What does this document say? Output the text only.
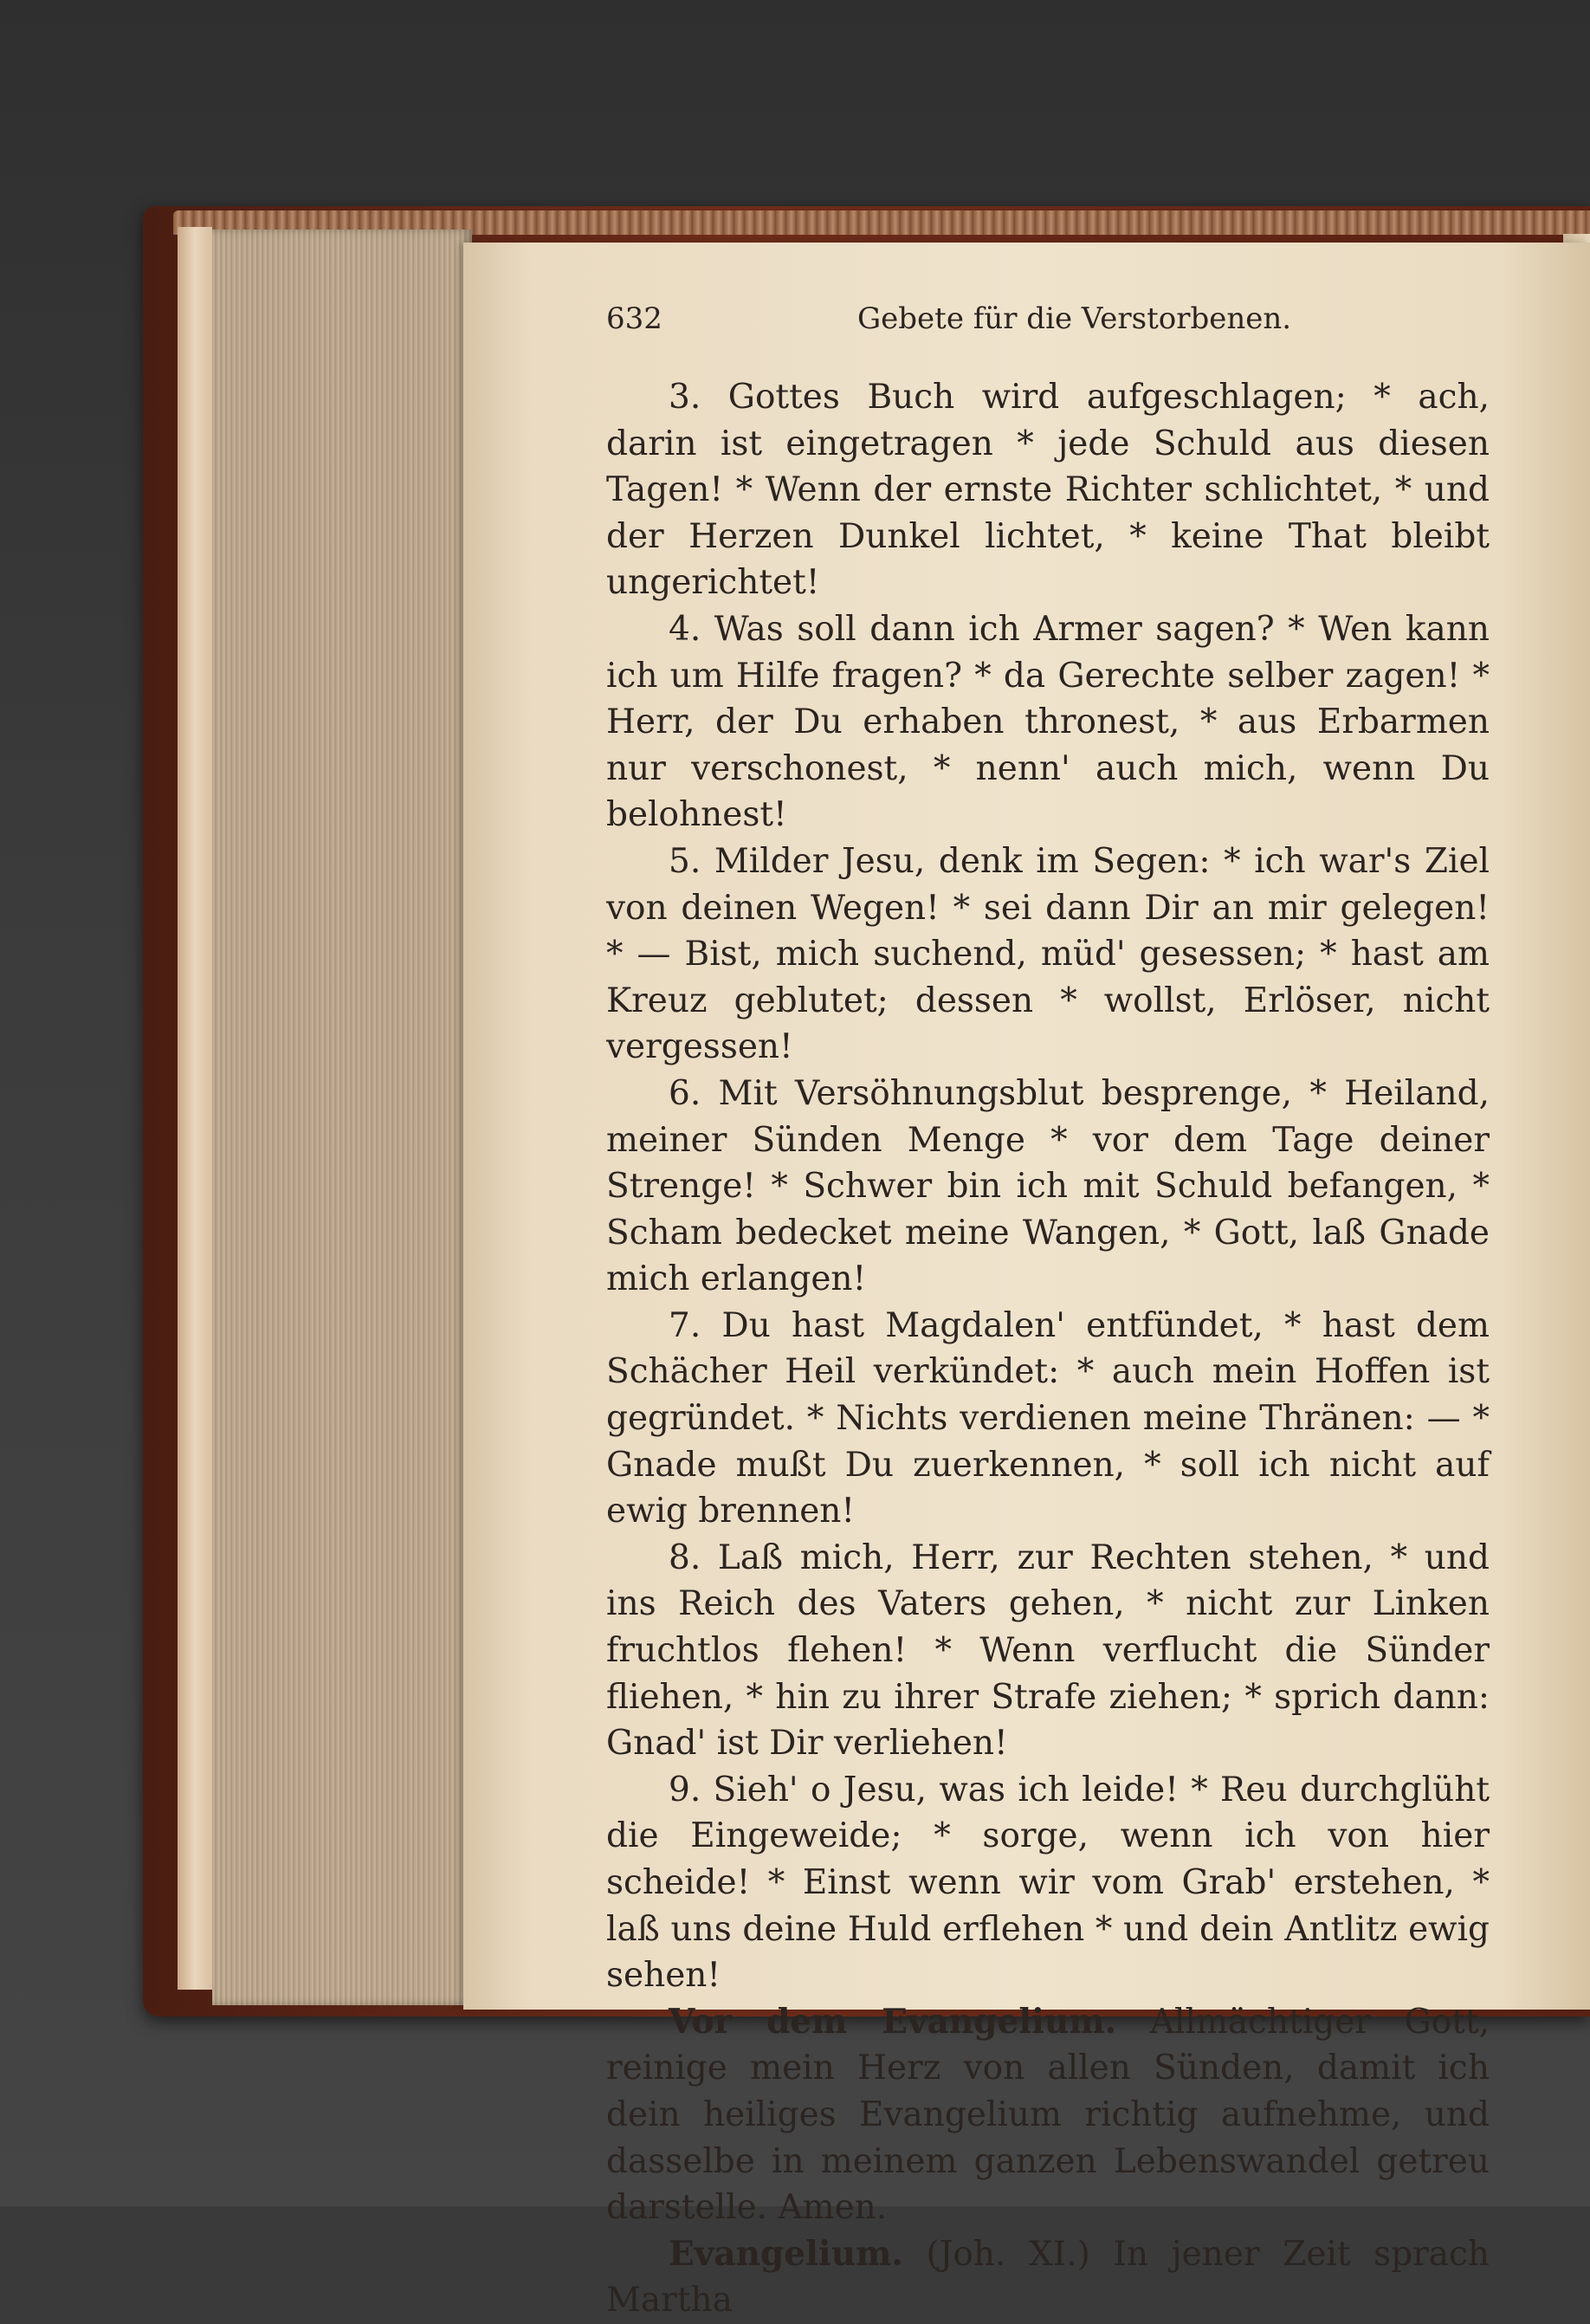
632	Gebete für die Verstorbenen.

3. Gottes Buch wird aufgeschlagen; * ach, darin ist eingetragen * jede Schuld aus diesen Tagen! * Wenn der ernste Richter schlichtet, * und der Herzen Dunkel lichtet, * keine That bleibt ungerichtet!

4. Was soll dann ich Armer sagen? * Wen kann ich um Hilfe fragen? * da Gerechte selber zagen! * Herr, der Du erhaben thronest, * aus Erbarmen nur verschonest, * nenn' auch mich, wenn Du belohnest!

5. Milder Jesu, denk im Segen: * ich war's Ziel von deinen Wegen! * sei dann Dir an mir gelegen! * — Bist, mich suchend, müd' gesessen; * hast am Kreuz geblutet; dessen * wollst, Erlöser, nicht vergessen!

6. Mit Versöhnungsblut besprenge, * Heiland, meiner Sünden Menge * vor dem Tage deiner Strenge! * Schwer bin ich mit Schuld befangen, * Scham bedecket meine Wangen, * Gott, laß Gnade mich erlangen!

7. Du hast Magdalen' entfündet, * hast dem Schächer Heil verkündet: * auch mein Hoffen ist gegründet. * Nichts verdienen meine Thränen: — * Gnade mußt Du zuerkennen, * soll ich nicht auf ewig brennen!

8. Laß mich, Herr, zur Rechten stehen, * und ins Reich des Vaters gehen, * nicht zur Linken fruchtlos flehen! * Wenn verflucht die Sünder fliehen, * hin zu ihrer Strafe ziehen; * sprich dann: Gnad' ist Dir verliehen!

9. Sieh' o Jesu, was ich leide! * Reu durchglüht die Eingeweide; * sorge, wenn ich von hier scheide! * Einst wenn wir vom Grab' erstehen, * laß uns deine Huld erflehen * und dein Antlitz ewig sehen!

Vor dem Evangelium. Allmächtiger Gott, reinige mein Herz von allen Sünden, damit ich dein heiliges Evangelium richtig aufnehme, und dasselbe in meinem ganzen Lebenswandel getreu darstelle. Amen.

Evangelium. (Joh. XI.) In jener Zeit sprach Martha
